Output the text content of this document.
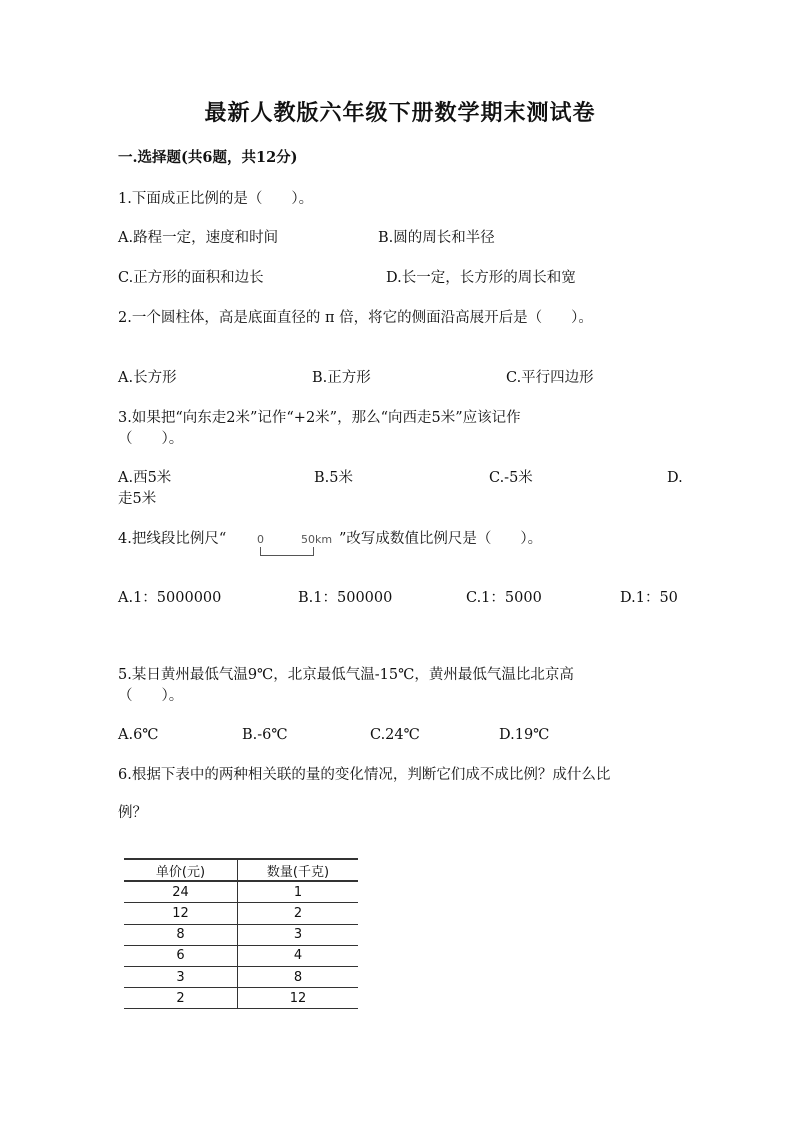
最新人教版六年级下册数学期末测试卷
一.选择题(共6题，共12分)
1.下面成正比例的是（　　）。
A.路程一定，速度和时间	B.圆的周长和半径
C.正方形的面积和边长	D.长一定，长方形的周长和宽
2.一个圆柱体，高是底面直径的 π 倍，将它的侧面沿高展开后是（　　）。
A.长方形	B.正方形	C.平行四边形
3.如果把“向东走2米”记作“+2米”，那么“向西走5米”应该记作
（　　）。
A.西5米	B.5米	C.-5米	D.
走5米
4.把线段比例尺“	0	50km ”改写成数值比例尺是（　　）。
A.1：5000000	B.1：500000	C.1：5000	D.1：50
5.某日黄州最低气温9℃，北京最低气温-15℃，黄州最低气温比北京高
（　　）。
A.6℃	B.-6℃	C.24℃	D.19℃
6.根据下表中的两种相关联的量的变化情况，判断它们成不成比例？成什么比
例？
单价(元)	数量(千克)
24	1
12	2
8	3
6	4
3	8
2	12
